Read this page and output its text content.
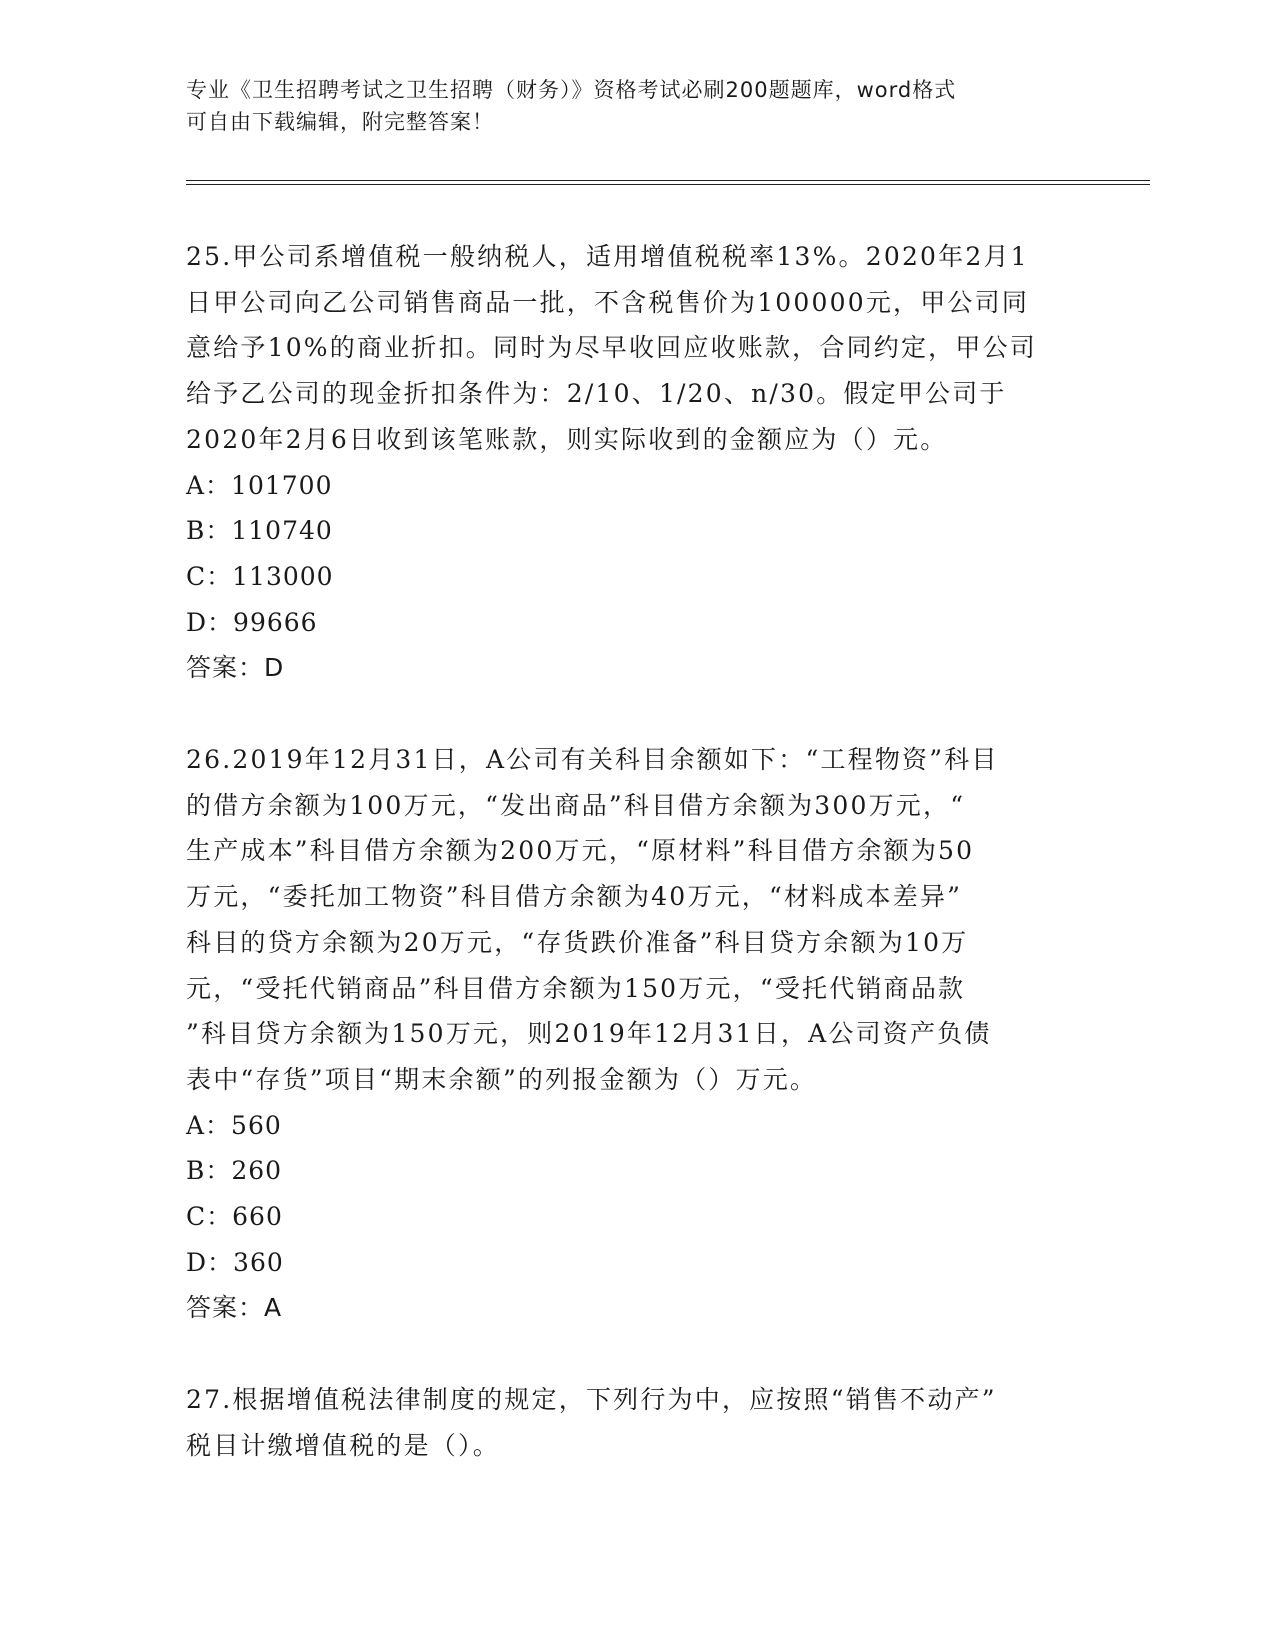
专业《卫生招聘考试之卫生招聘（财务）》资格考试必刷200题题库，word格式
可自由下载编辑，附完整答案！

25.甲公司系增值税一般纳税人，适用增值税税率13%。2020年2月1

日甲公司向乙公司销售商品一批，不含税售价为100000元，甲公司同

意给予10%的商业折扣。同时为尽早收回应收账款，合同约定，甲公司

给予乙公司的现金折扣条件为：2/10、1/20、n/30。假定甲公司于

2020年2月6日收到该笔账款，则实际收到的金额应为（）元。

A：101700

B：110740

C：113000

D：99666

答案：D

26.2019年12月31日，A公司有关科目余额如下：“工程物资”科目

的借方余额为100万元，“发出商品”科目借方余额为300万元，“

生产成本”科目借方余额为200万元，“原材料”科目借方余额为50

万元，“委托加工物资”科目借方余额为40万元，“材料成本差异”

科目的贷方余额为20万元，“存货跌价准备”科目贷方余额为10万

元，“受托代销商品”科目借方余额为150万元，“受托代销商品款

”科目贷方余额为150万元，则2019年12月31日，A公司资产负债

表中“存货”项目“期末余额”的列报金额为（）万元。

A：560

B：260

C：660

D：360

答案：A

27.根据增值税法律制度的规定，下列行为中，应按照“销售不动产”

税目计缴增值税的是（）。
